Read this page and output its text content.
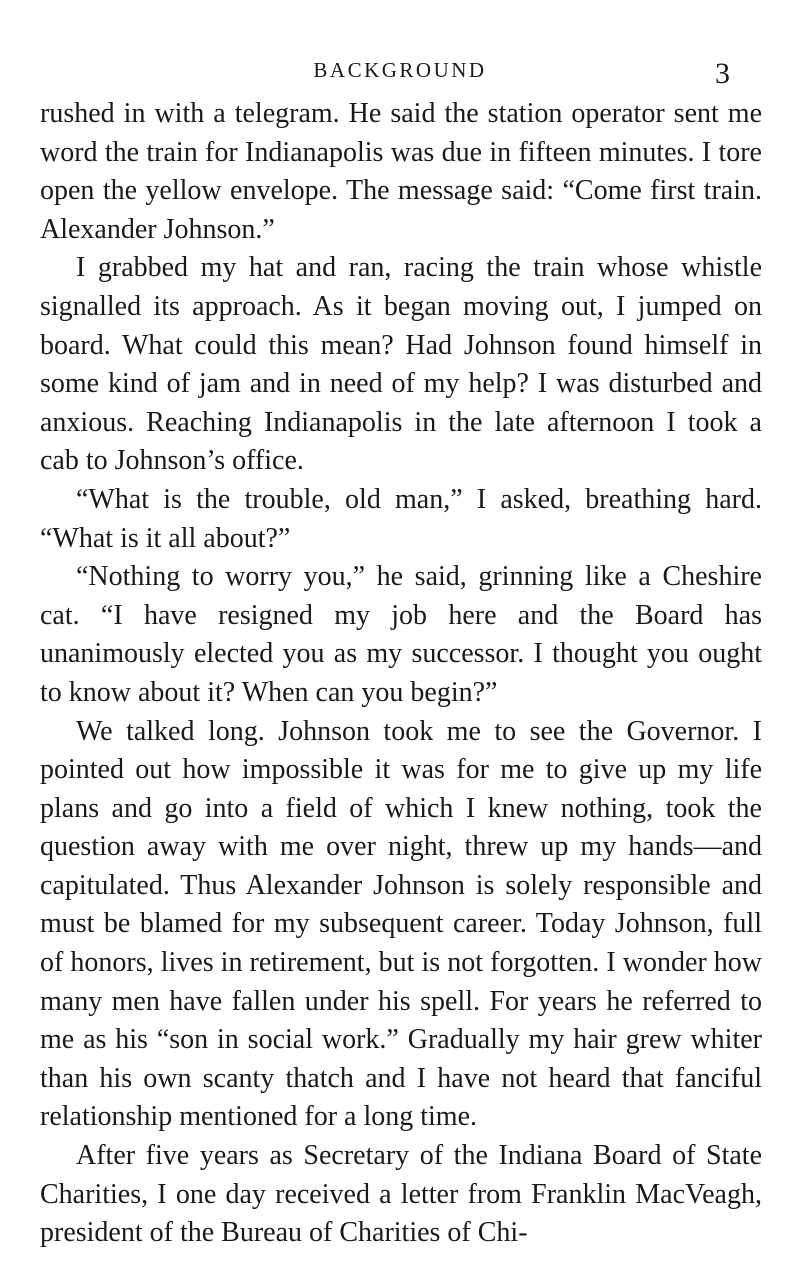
BACKGROUND	3

rushed in with a telegram. He said the station operator sent me word the train for Indianapolis was due in fifteen minutes. I tore open the yellow envelope. The message said: “Come first train. Alexander Johnson.”

I grabbed my hat and ran, racing the train whose whistle signalled its approach. As it began moving out, I jumped on board. What could this mean? Had Johnson found himself in some kind of jam and in need of my help? I was disturbed and anxious. Reaching Indianapolis in the late afternoon I took a cab to Johnson’s office.

“What is the trouble, old man,” I asked, breathing hard. “What is it all about?”

“Nothing to worry you,” he said, grinning like a Cheshire cat. “I have resigned my job here and the Board has unanimously elected you as my successor. I thought you ought to know about it? When can you begin?”

We talked long. Johnson took me to see the Governor. I pointed out how impossible it was for me to give up my life plans and go into a field of which I knew nothing, took the question away with me over night, threw up my hands—and capitulated. Thus Alexander Johnson is solely responsible and must be blamed for my subsequent career. Today Johnson, full of honors, lives in retirement, but is not forgotten. I wonder how many men have fallen under his spell. For years he referred to me as his “son in social work.” Gradually my hair grew whiter than his own scanty thatch and I have not heard that fanciful relationship mentioned for a long time.

After five years as Secretary of the Indiana Board of State Charities, I one day received a letter from Franklin MacVeagh, president of the Bureau of Charities of Chi-
